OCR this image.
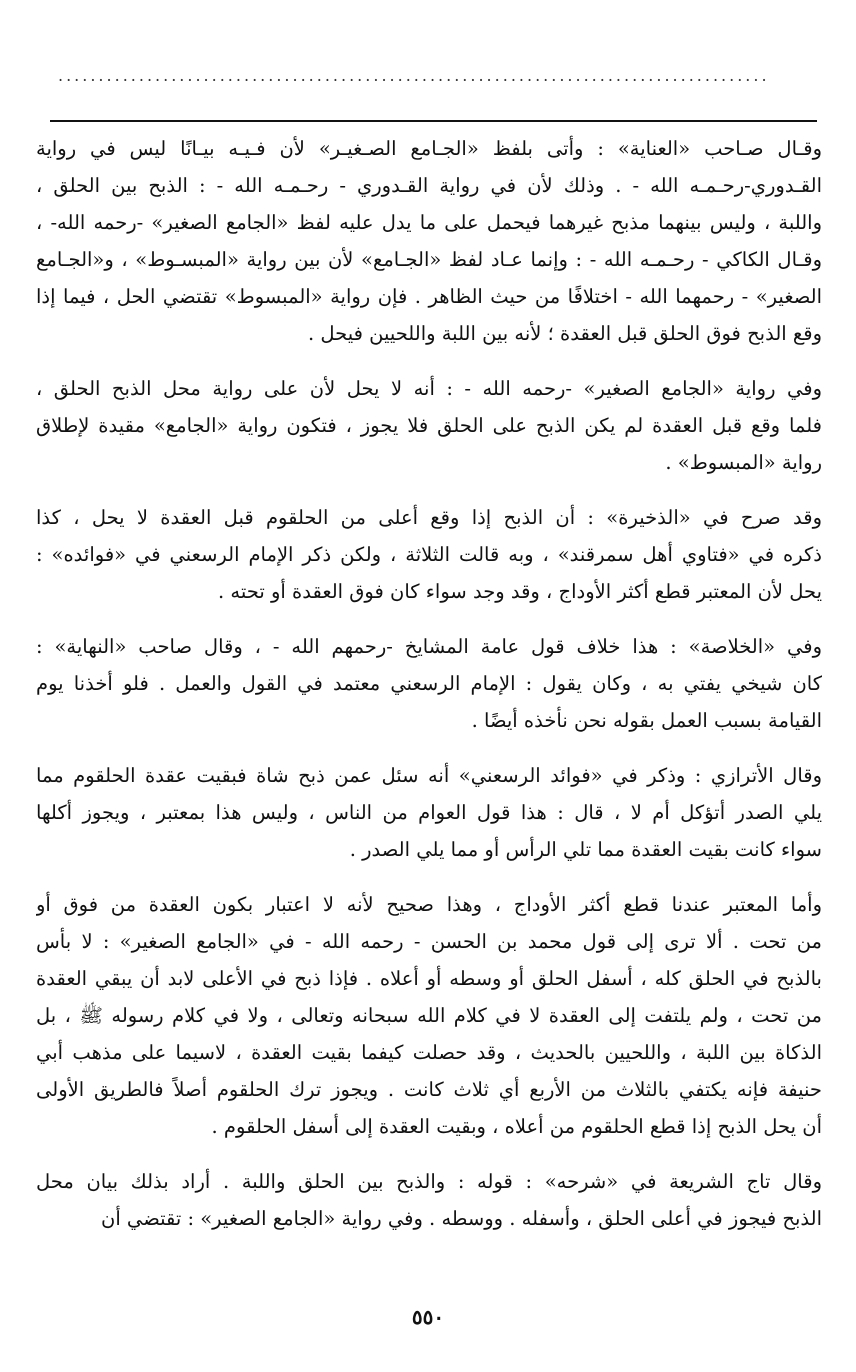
........................................................................................
وقـال صـاحب «العناية» : وأتى بلفظ «الجـامع الصـغيـر» لأن فـيـه بيـانًا ليس في رواية
القـدوري-رحـمـه الله - . وذلك لأن في رواية القـدوري - رحـمـه الله - : الذبح بين الحلق ،
واللبة ، وليس بينهما مذبح غيرهما فيحمل على ما يدل عليه لفظ «الجامع الصغير» -رحمه الله- ،
وقـال الكاكي - رحـمـه الله - : وإنما عـاد لفظ «الجـامع» لأن بين رواية «المبسـوط» ، و«الجـامع
الصغير» - رحمهما الله - اختلافًا من حيث الظاهر . فإن رواية «المبسوط» تقتضي الحل ، فيما إذا
وقع الذبح فوق الحلق قبل العقدة ؛ لأنه بين اللبة واللحيين فيحل .
وفي رواية «الجامع الصغير» -رحمه الله - : أنه لا يحل لأن على رواية محل الذبح الحلق ،
فلما وقع قبل العقدة لم يكن الذبح على الحلق فلا يجوز ، فتكون رواية «الجامع» مقيدة لإطلاق
رواية «المبسوط» .
وقد صرح في «الذخيرة» : أن الذبح إذا وقع أعلى من الحلقوم قبل العقدة لا يحل ، كذا
ذكره في «فتاوي أهل سمرقند» ، وبه قالت الثلاثة ، ولكن ذكر الإمام الرسعني في «فوائده» :
يحل لأن المعتبر قطع أكثر الأوداج ، وقد وجد سواء كان فوق العقدة أو تحته .
وفي «الخلاصة» : هذا خلاف قول عامة المشايخ -رحمهم الله - ، وقال صاحب «النهاية» :
كان شيخي يفتي به ، وكان يقول : الإمام الرسعني معتمد في القول والعمل . فلو أخذنا يوم
القيامة بسبب العمل بقوله نحن نأخذه أيضًا .
وقال الأترازي : وذكر في «فوائد الرسعني» أنه سئل عمن ذبح شاة فبقيت عقدة الحلقوم مما
يلي الصدر أتؤكل أم لا ، قال : هذا قول العوام من الناس ، وليس هذا بمعتبر ، ويجوز أكلها
سواء كانت بقيت العقدة مما تلي الرأس أو مما يلي الصدر .
وأما المعتبر عندنا قطع أكثر الأوداج ، وهذا صحيح لأنه لا اعتبار بكون العقدة من فوق أو
من تحت . ألا ترى إلى قول محمد بن الحسن - رحمه الله - في «الجامع الصغير» : لا بأس
بالذبح في الحلق كله ، أسفل الحلق أو وسطه أو أعلاه . فإذا ذبح في الأعلى لابد أن يبقي العقدة
من تحت ، ولم يلتفت إلى العقدة لا في كلام الله سبحانه وتعالى ، ولا في كلام رسوله ﷺ ، بل
الذكاة بين اللبة ، واللحيين بالحديث ، وقد حصلت كيفما بقيت العقدة ، لاسيما على مذهب أبي
حنيفة فإنه يكتفي بالثلاث من الأربع أي ثلاث كانت . ويجوز ترك الحلقوم أصلاً فالطريق الأولى
أن يحل الذبح إذا قطع الحلقوم من أعلاه ، وبقيت العقدة إلى أسفل الحلقوم .
وقال تاج الشريعة في «شرحه» : قوله : والذبح بين الحلق واللبة . أراد بذلك بيان محل
الذبح فيجوز في أعلى الحلق ، وأسفله . ووسطه . وفي رواية «الجامع الصغير» : تقتضي أن
٥٥٠
